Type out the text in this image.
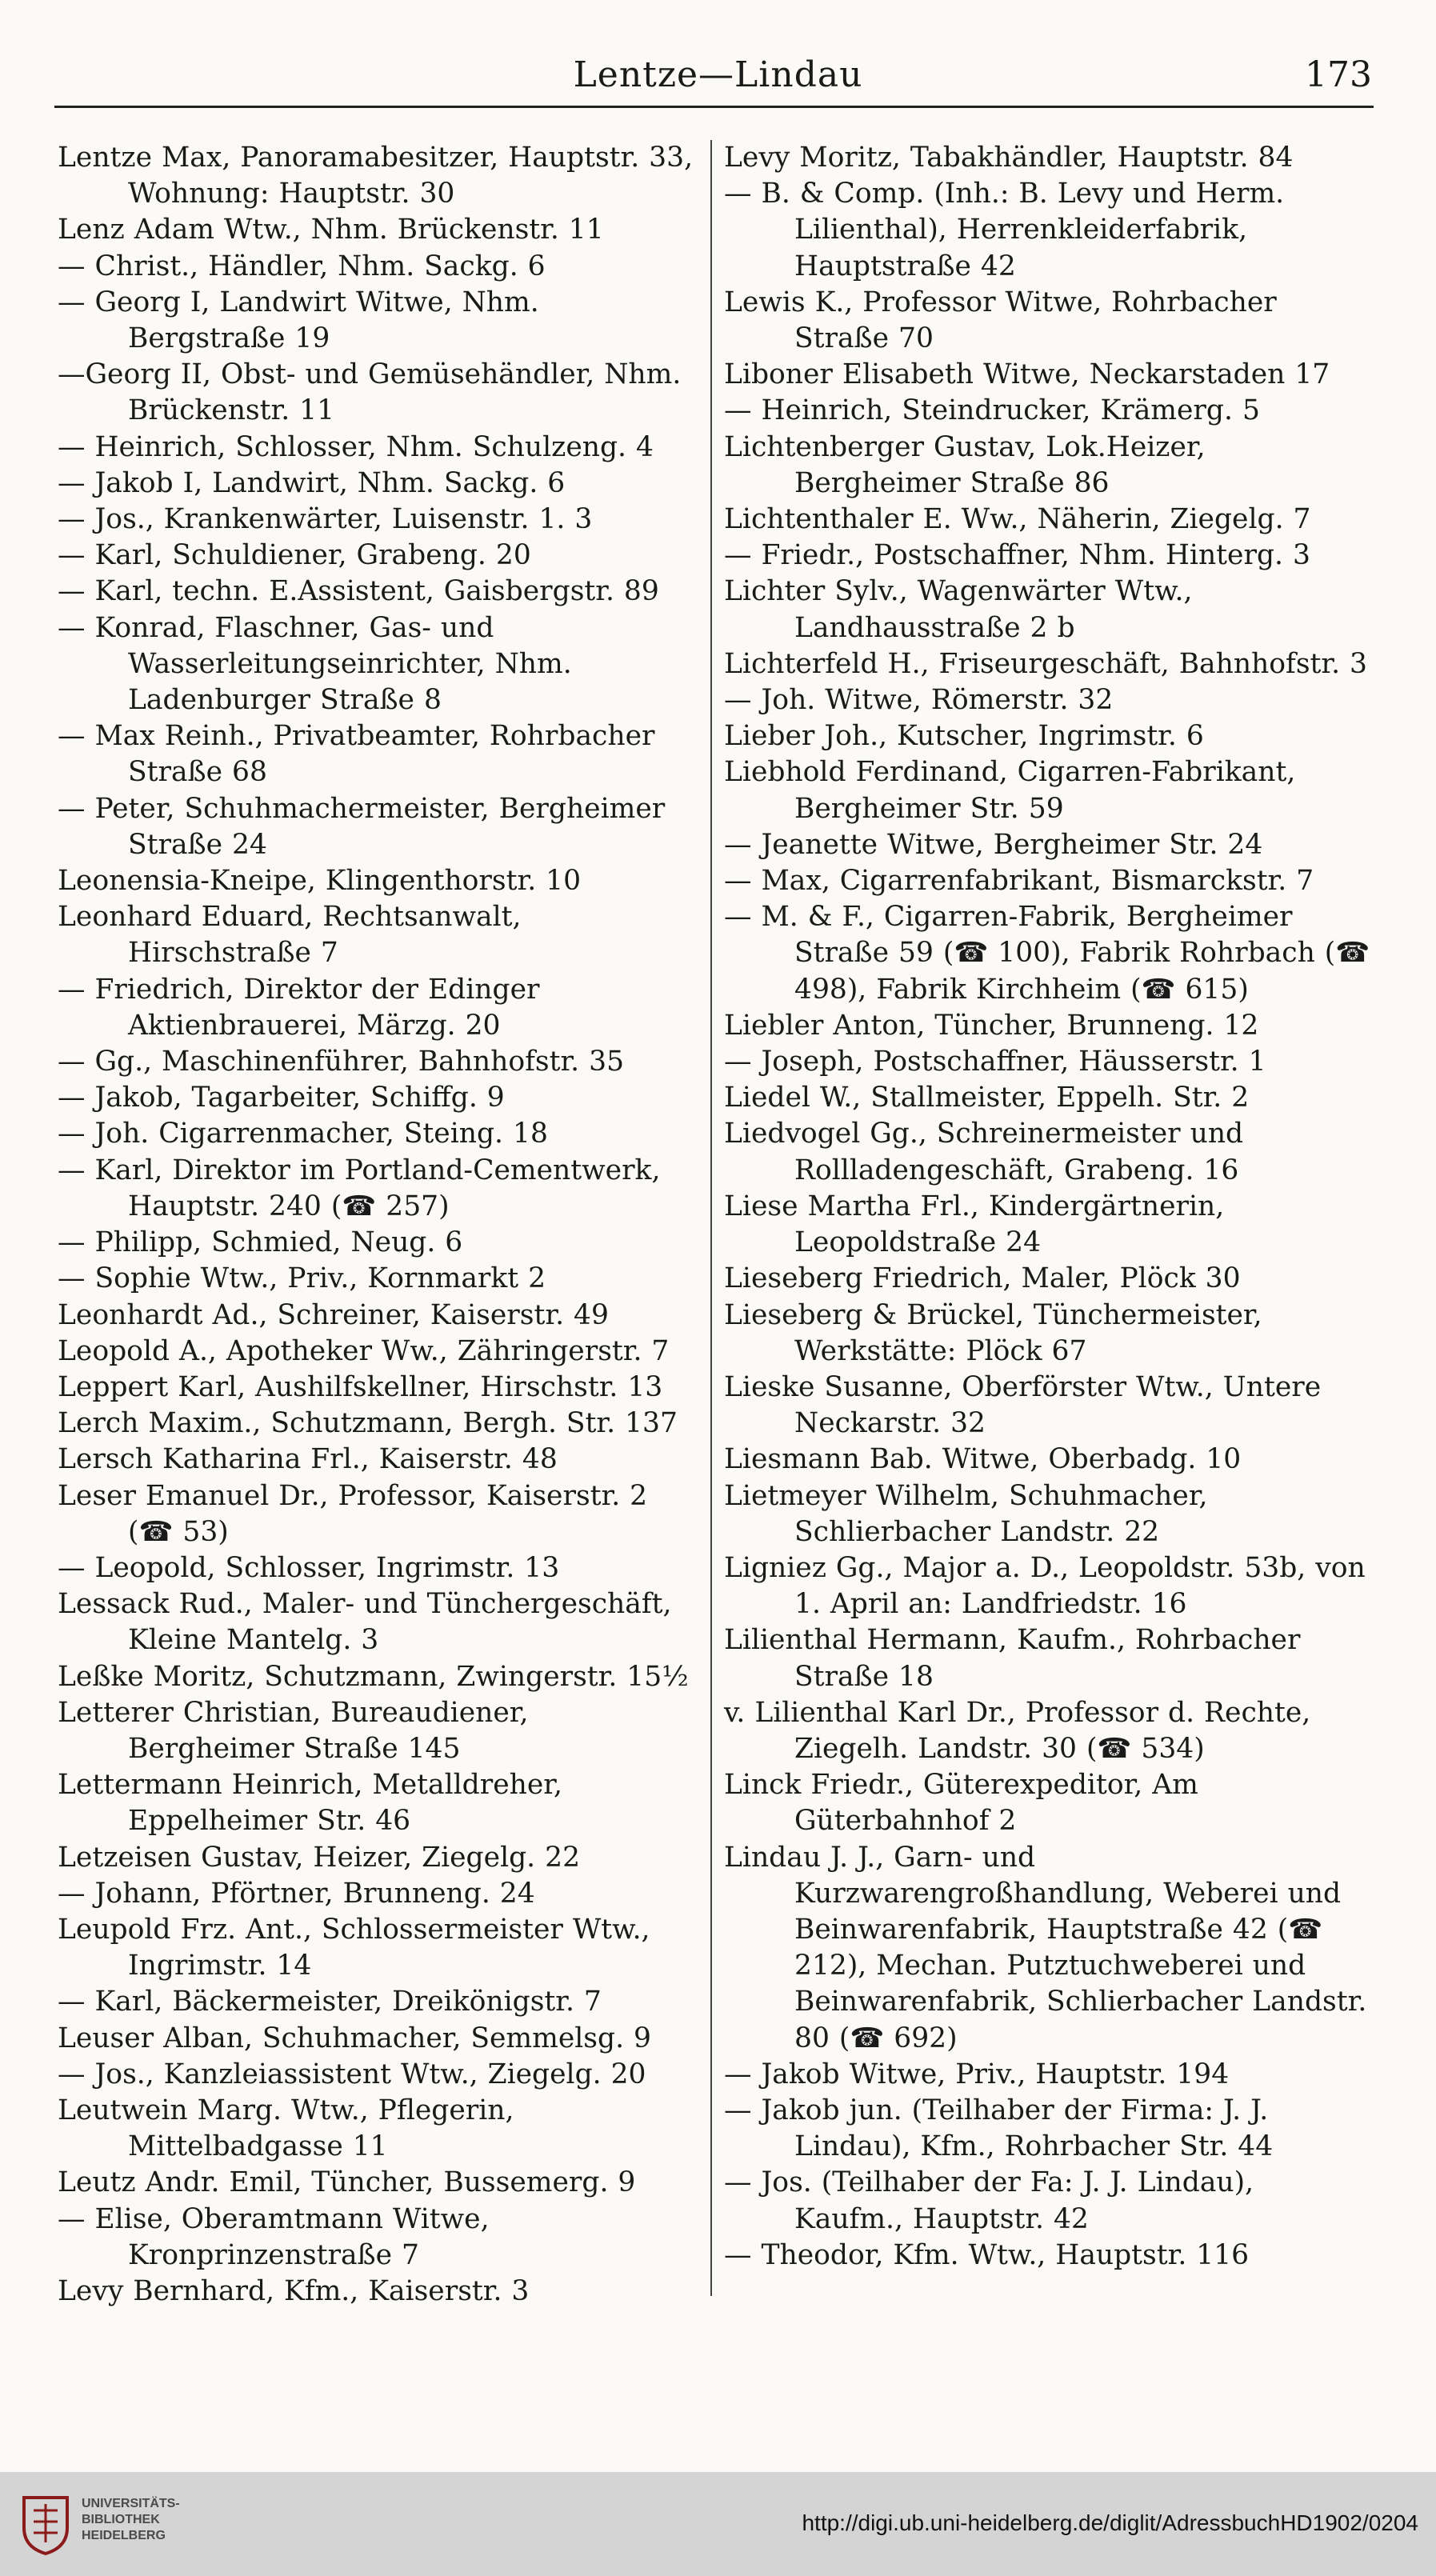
Lentze—Lindau	173
Lentze Max, Panoramabesitzer, Hauptstr. 33, Wohnung: Hauptstr. 30
Lenz Adam Wtw., Nhm. Brückenstr. 11
— Christ., Händler, Nhm. Sackg. 6
— Georg I, Landwirt Witwe, Nhm. Bergstraße 19
—Georg II, Obst- und Gemüsehändler, Nhm. Brückenstr. 11
— Heinrich, Schlosser, Nhm. Schulzeng. 4
— Jakob I, Landwirt, Nhm. Sackg. 6
— Jos., Krankenwärter, Luisenstr. 1. 3
— Karl, Schuldiener, Grabeng. 20
— Karl, techn. E.Assistent, Gaisbergstr. 89
— Konrad, Flaschner, Gas- und Wasserleitungseinrichter, Nhm. Ladenburger Straße 8
— Max Reinh., Privatbeamter, Rohrbacher Straße 68
— Peter, Schuhmachermeister, Bergheimer Straße 24
Leonensia-Kneipe, Klingenthorstr. 10
Leonhard Eduard, Rechtsanwalt, Hirschstraße 7
— Friedrich, Direktor der Edinger Aktienbrauerei, Märzg. 20
— Gg., Maschinenführer, Bahnhofstr. 35
— Jakob, Tagarbeiter, Schiffg. 9
— Joh. Cigarrenmacher, Steing. 18
— Karl, Direktor im Portland-Cementwerk, Hauptstr. 240 (☎ 257)
— Philipp, Schmied, Neug. 6
— Sophie Wtw., Priv., Kornmarkt 2
Leonhardt Ad., Schreiner, Kaiserstr. 49
Leopold A., Apotheker Ww., Zähringerstr. 7
Leppert Karl, Aushilfskellner, Hirschstr. 13
Lerch Maxim., Schutzmann, Bergh. Str. 137
Lersch Katharina Frl., Kaiserstr. 48
Leser Emanuel Dr., Professor, Kaiserstr. 2 (☎ 53)
— Leopold, Schlosser, Ingrimstr. 13
Lessack Rud., Maler- und Tünchergeschäft, Kleine Mantelg. 3
Leßke Moritz, Schutzmann, Zwingerstr. 15½
Letterer Christian, Bureaudiener, Bergheimer Straße 145
Lettermann Heinrich, Metalldreher, Eppelheimer Str. 46
Letzeisen Gustav, Heizer, Ziegelg. 22
— Johann, Pförtner, Brunneng. 24
Leupold Frz. Ant., Schlossermeister Wtw., Ingrimstr. 14
— Karl, Bäckermeister, Dreikönigstr. 7
Leuser Alban, Schuhmacher, Semmelsg. 9
— Jos., Kanzleiassistent Wtw., Ziegelg. 20
Leutwein Marg. Wtw., Pflegerin, Mittelbadgasse 11
Leutz Andr. Emil, Tüncher, Bussemerg. 9
— Elise, Oberamtmann Witwe, Kronprinzenstraße 7
Levy Bernhard, Kfm., Kaiserstr. 3
Levy Moritz, Tabakhändler, Hauptstr. 84
— B. & Comp. (Inh.: B. Levy und Herm. Lilienthal), Herrenkleiderfabrik, Hauptstraße 42
Lewis K., Professor Witwe, Rohrbacher Straße 70
Liboner Elisabeth Witwe, Neckarstaden 17
— Heinrich, Steindrucker, Krämerg. 5
Lichtenberger Gustav, Lok.Heizer, Bergheimer Straße 86
Lichtenthaler E. Ww., Näherin, Ziegelg. 7
— Friedr., Postschaffner, Nhm. Hinterg. 3
Lichter Sylv., Wagenwärter Wtw., Landhausstraße 2 b
Lichterfeld H., Friseurgeschäft, Bahnhofstr. 3
— Joh. Witwe, Römerstr. 32
Lieber Joh., Kutscher, Ingrimstr. 6
Liebhold Ferdinand, Cigarren-Fabrikant, Bergheimer Str. 59
— Jeanette Witwe, Bergheimer Str. 24
— Max, Cigarrenfabrikant, Bismarckstr. 7
— M. & F., Cigarren-Fabrik, Bergheimer Straße 59 (☎ 100), Fabrik Rohrbach (☎ 498), Fabrik Kirchheim (☎ 615)
Liebler Anton, Tüncher, Brunneng. 12
— Joseph, Postschaffner, Häusserstr. 1
Liedel W., Stallmeister, Eppelh. Str. 2
Liedvogel Gg., Schreinermeister und Rollladengeschäft, Grabeng. 16
Liese Martha Frl., Kindergärtnerin, Leopoldstraße 24
Lieseberg Friedrich, Maler, Plöck 30
Lieseberg & Brückel, Tünchermeister, Werkstätte: Plöck 67
Lieske Susanne, Oberförster Wtw., Untere Neckarstr. 32
Liesmann Bab. Witwe, Oberbadg. 10
Lietmeyer Wilhelm, Schuhmacher, Schlierbacher Landstr. 22
Ligniez Gg., Major a. D., Leopoldstr. 53b, von 1. April an: Landfriedstr. 16
Lilienthal Hermann, Kaufm., Rohrbacher Straße 18
v. Lilienthal Karl Dr., Professor d. Rechte, Ziegelh. Landstr. 30 (☎ 534)
Linck Friedr., Güterexpeditor, Am Güterbahnhof 2
Lindau J. J., Garn- und Kurzwarengroßhandlung, Weberei und Beinwarenfabrik, Hauptstraße 42 (☎ 212), Mechan. Putztuchweberei und Beinwarenfabrik, Schlierbacher Landstr. 80 (☎ 692)
— Jakob Witwe, Priv., Hauptstr. 194
— Jakob jun. (Teilhaber der Firma: J. J. Lindau), Kfm., Rohrbacher Str. 44
— Jos. (Teilhaber der Fa: J. J. Lindau), Kaufm., Hauptstr. 42
— Theodor, Kfm. Wtw., Hauptstr. 116
UNIVERSITÄTS-
BIBLIOTHEK
HEIDELBERG
http://digi.ub.uni-heidelberg.de/diglit/AdressbuchHD1902/0204
